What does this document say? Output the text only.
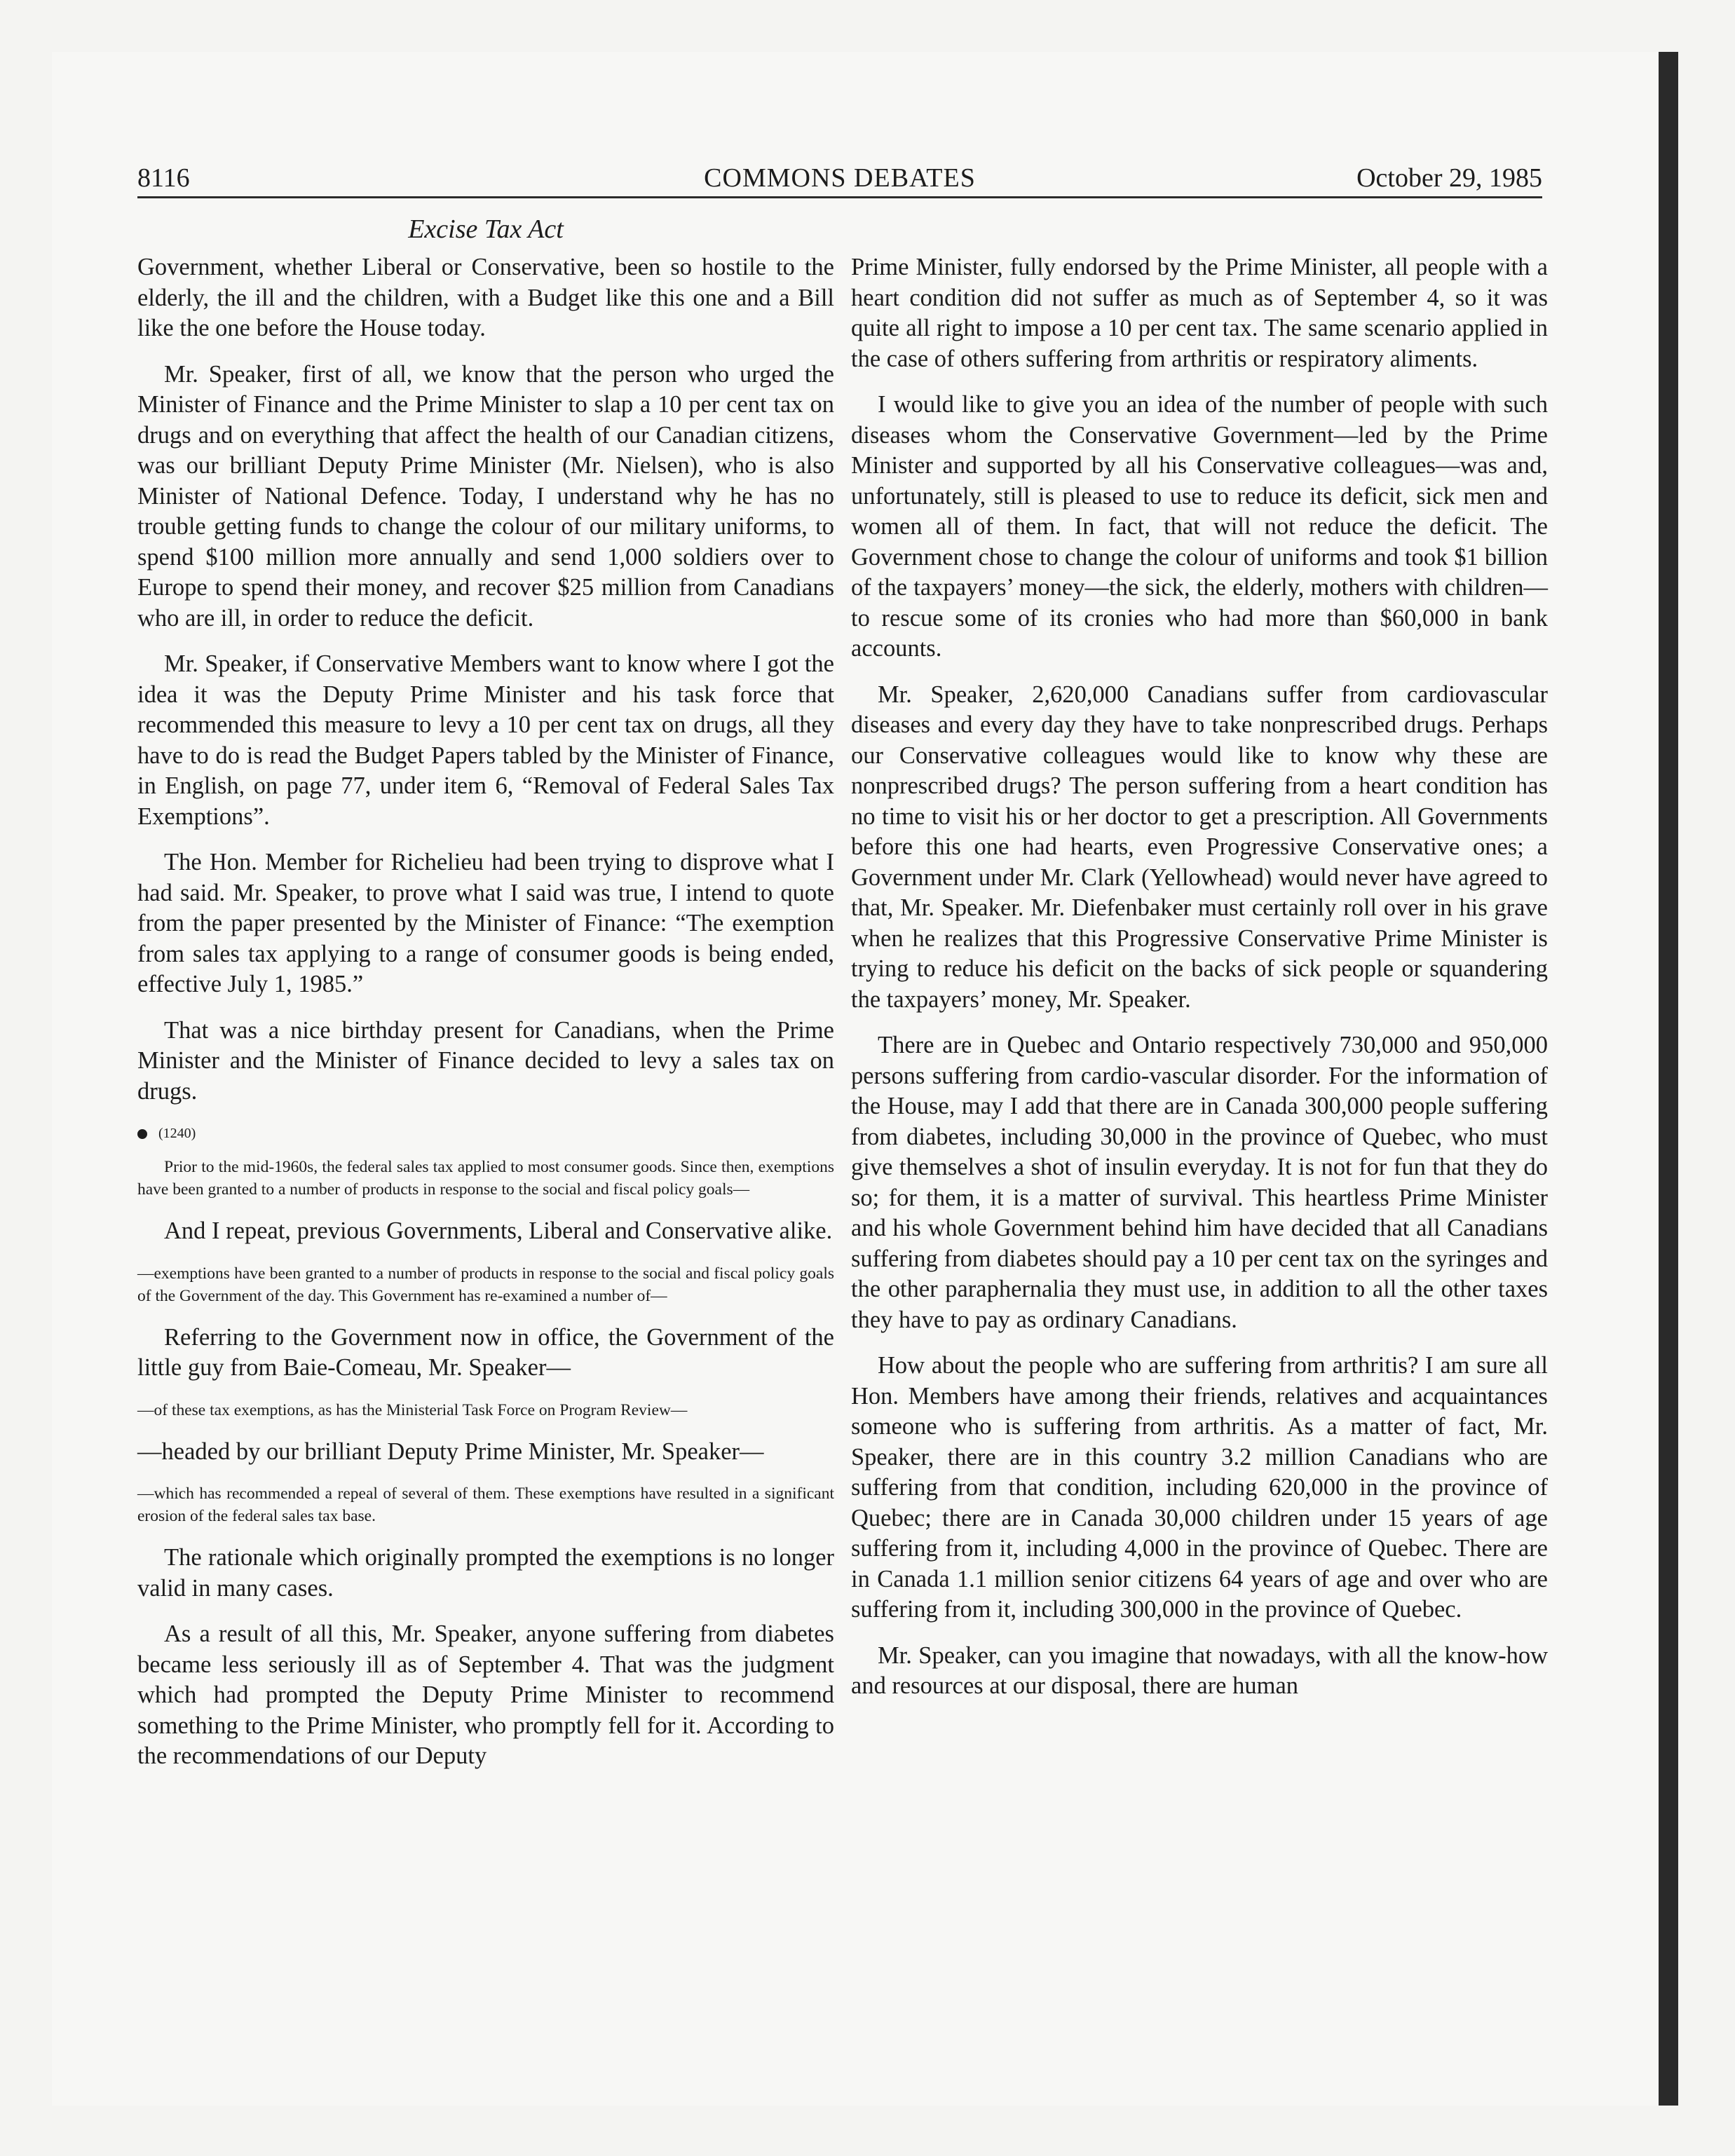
8116	COMMONS DEBATES	October 29, 1985
Excise Tax Act

Government, whether Liberal or Conservative, been so hostile to the elderly, the ill and the children, with a Budget like this one and a Bill like the one before the House today.

Mr. Speaker, first of all, we know that the person who urged the Minister of Finance and the Prime Minister to slap a 10 per cent tax on drugs and on everything that affect the health of our Canadian citizens, was our brilliant Deputy Prime Minister (Mr. Nielsen), who is also Minister of National Defence. Today, I understand why he has no trouble getting funds to change the colour of our military uniforms, to spend $100 million more annually and send 1,000 soldiers over to Europe to spend their money, and recover $25 million from Canadians who are ill, in order to reduce the deficit.

Mr. Speaker, if Conservative Members want to know where I got the idea it was the Deputy Prime Minister and his task force that recommended this measure to levy a 10 per cent tax on drugs, all they have to do is read the Budget Papers tabled by the Minister of Finance, in English, on page 77, under item 6, “Removal of Federal Sales Tax Exemptions”.

The Hon. Member for Richelieu had been trying to disprove what I had said. Mr. Speaker, to prove what I said was true, I intend to quote from the paper presented by the Minister of Finance: “The exemption from sales tax applying to a range of consumer goods is being ended, effective July 1, 1985.”

That was a nice birthday present for Canadians, when the Prime Minister and the Minister of Finance decided to levy a sales tax on drugs.

(1240)

Prior to the mid-1960s, the federal sales tax applied to most consumer goods. Since then, exemptions have been granted to a number of products in response to the social and fiscal policy goals—

And I repeat, previous Governments, Liberal and Conservative alike.

—exemptions have been granted to a number of products in response to the social and fiscal policy goals of the Government of the day. This Government has re-examined a number of—

Referring to the Government now in office, the Government of the little guy from Baie-Comeau, Mr. Speaker—

—of these tax exemptions, as has the Ministerial Task Force on Program Review—

—headed by our brilliant Deputy Prime Minister, Mr. Speaker—

—which has recommended a repeal of several of them. These exemptions have resulted in a significant erosion of the federal sales tax base.

The rationale which originally prompted the exemptions is no longer valid in many cases.

As a result of all this, Mr. Speaker, anyone suffering from diabetes became less seriously ill as of September 4. That was the judgment which had prompted the Deputy Prime Minister to recommend something to the Prime Minister, who promptly fell for it. According to the recommendations of our Deputy

Prime Minister, fully endorsed by the Prime Minister, all people with a heart condition did not suffer as much as of September 4, so it was quite all right to impose a 10 per cent tax. The same scenario applied in the case of others suffering from arthritis or respiratory aliments.

I would like to give you an idea of the number of people with such diseases whom the Conservative Government—led by the Prime Minister and supported by all his Conservative colleagues—was and, unfortunately, still is pleased to use to reduce its deficit, sick men and women all of them. In fact, that will not reduce the deficit. The Government chose to change the colour of uniforms and took $1 billion of the taxpayers’ money—the sick, the elderly, mothers with children—to rescue some of its cronies who had more than $60,000 in bank accounts.

Mr. Speaker, 2,620,000 Canadians suffer from cardiovascular diseases and every day they have to take nonprescribed drugs. Perhaps our Conservative colleagues would like to know why these are nonprescribed drugs? The person suffering from a heart condition has no time to visit his or her doctor to get a prescription. All Governments before this one had hearts, even Progressive Conservative ones; a Government under Mr. Clark (Yellowhead) would never have agreed to that, Mr. Speaker. Mr. Diefenbaker must certainly roll over in his grave when he realizes that this Progressive Conservative Prime Minister is trying to reduce his deficit on the backs of sick people or squandering the taxpayers’ money, Mr. Speaker.

There are in Quebec and Ontario respectively 730,000 and 950,000 persons suffering from cardio-vascular disorder. For the information of the House, may I add that there are in Canada 300,000 people suffering from diabetes, including 30,000 in the province of Quebec, who must give themselves a shot of insulin everyday. It is not for fun that they do so; for them, it is a matter of survival. This heartless Prime Minister and his whole Government behind him have decided that all Canadians suffering from diabetes should pay a 10 per cent tax on the syringes and the other paraphernalia they must use, in addition to all the other taxes they have to pay as ordinary Canadians.

How about the people who are suffering from arthritis? I am sure all Hon. Members have among their friends, relatives and acquaintances someone who is suffering from arthritis. As a matter of fact, Mr. Speaker, there are in this country 3.2 million Canadians who are suffering from that condition, including 620,000 in the province of Quebec; there are in Canada 30,000 children under 15 years of age suffering from it, including 4,000 in the province of Quebec. There are in Canada 1.1 million senior citizens 64 years of age and over who are suffering from it, including 300,000 in the province of Quebec.

Mr. Speaker, can you imagine that nowadays, with all the know-how and resources at our disposal, there are human
